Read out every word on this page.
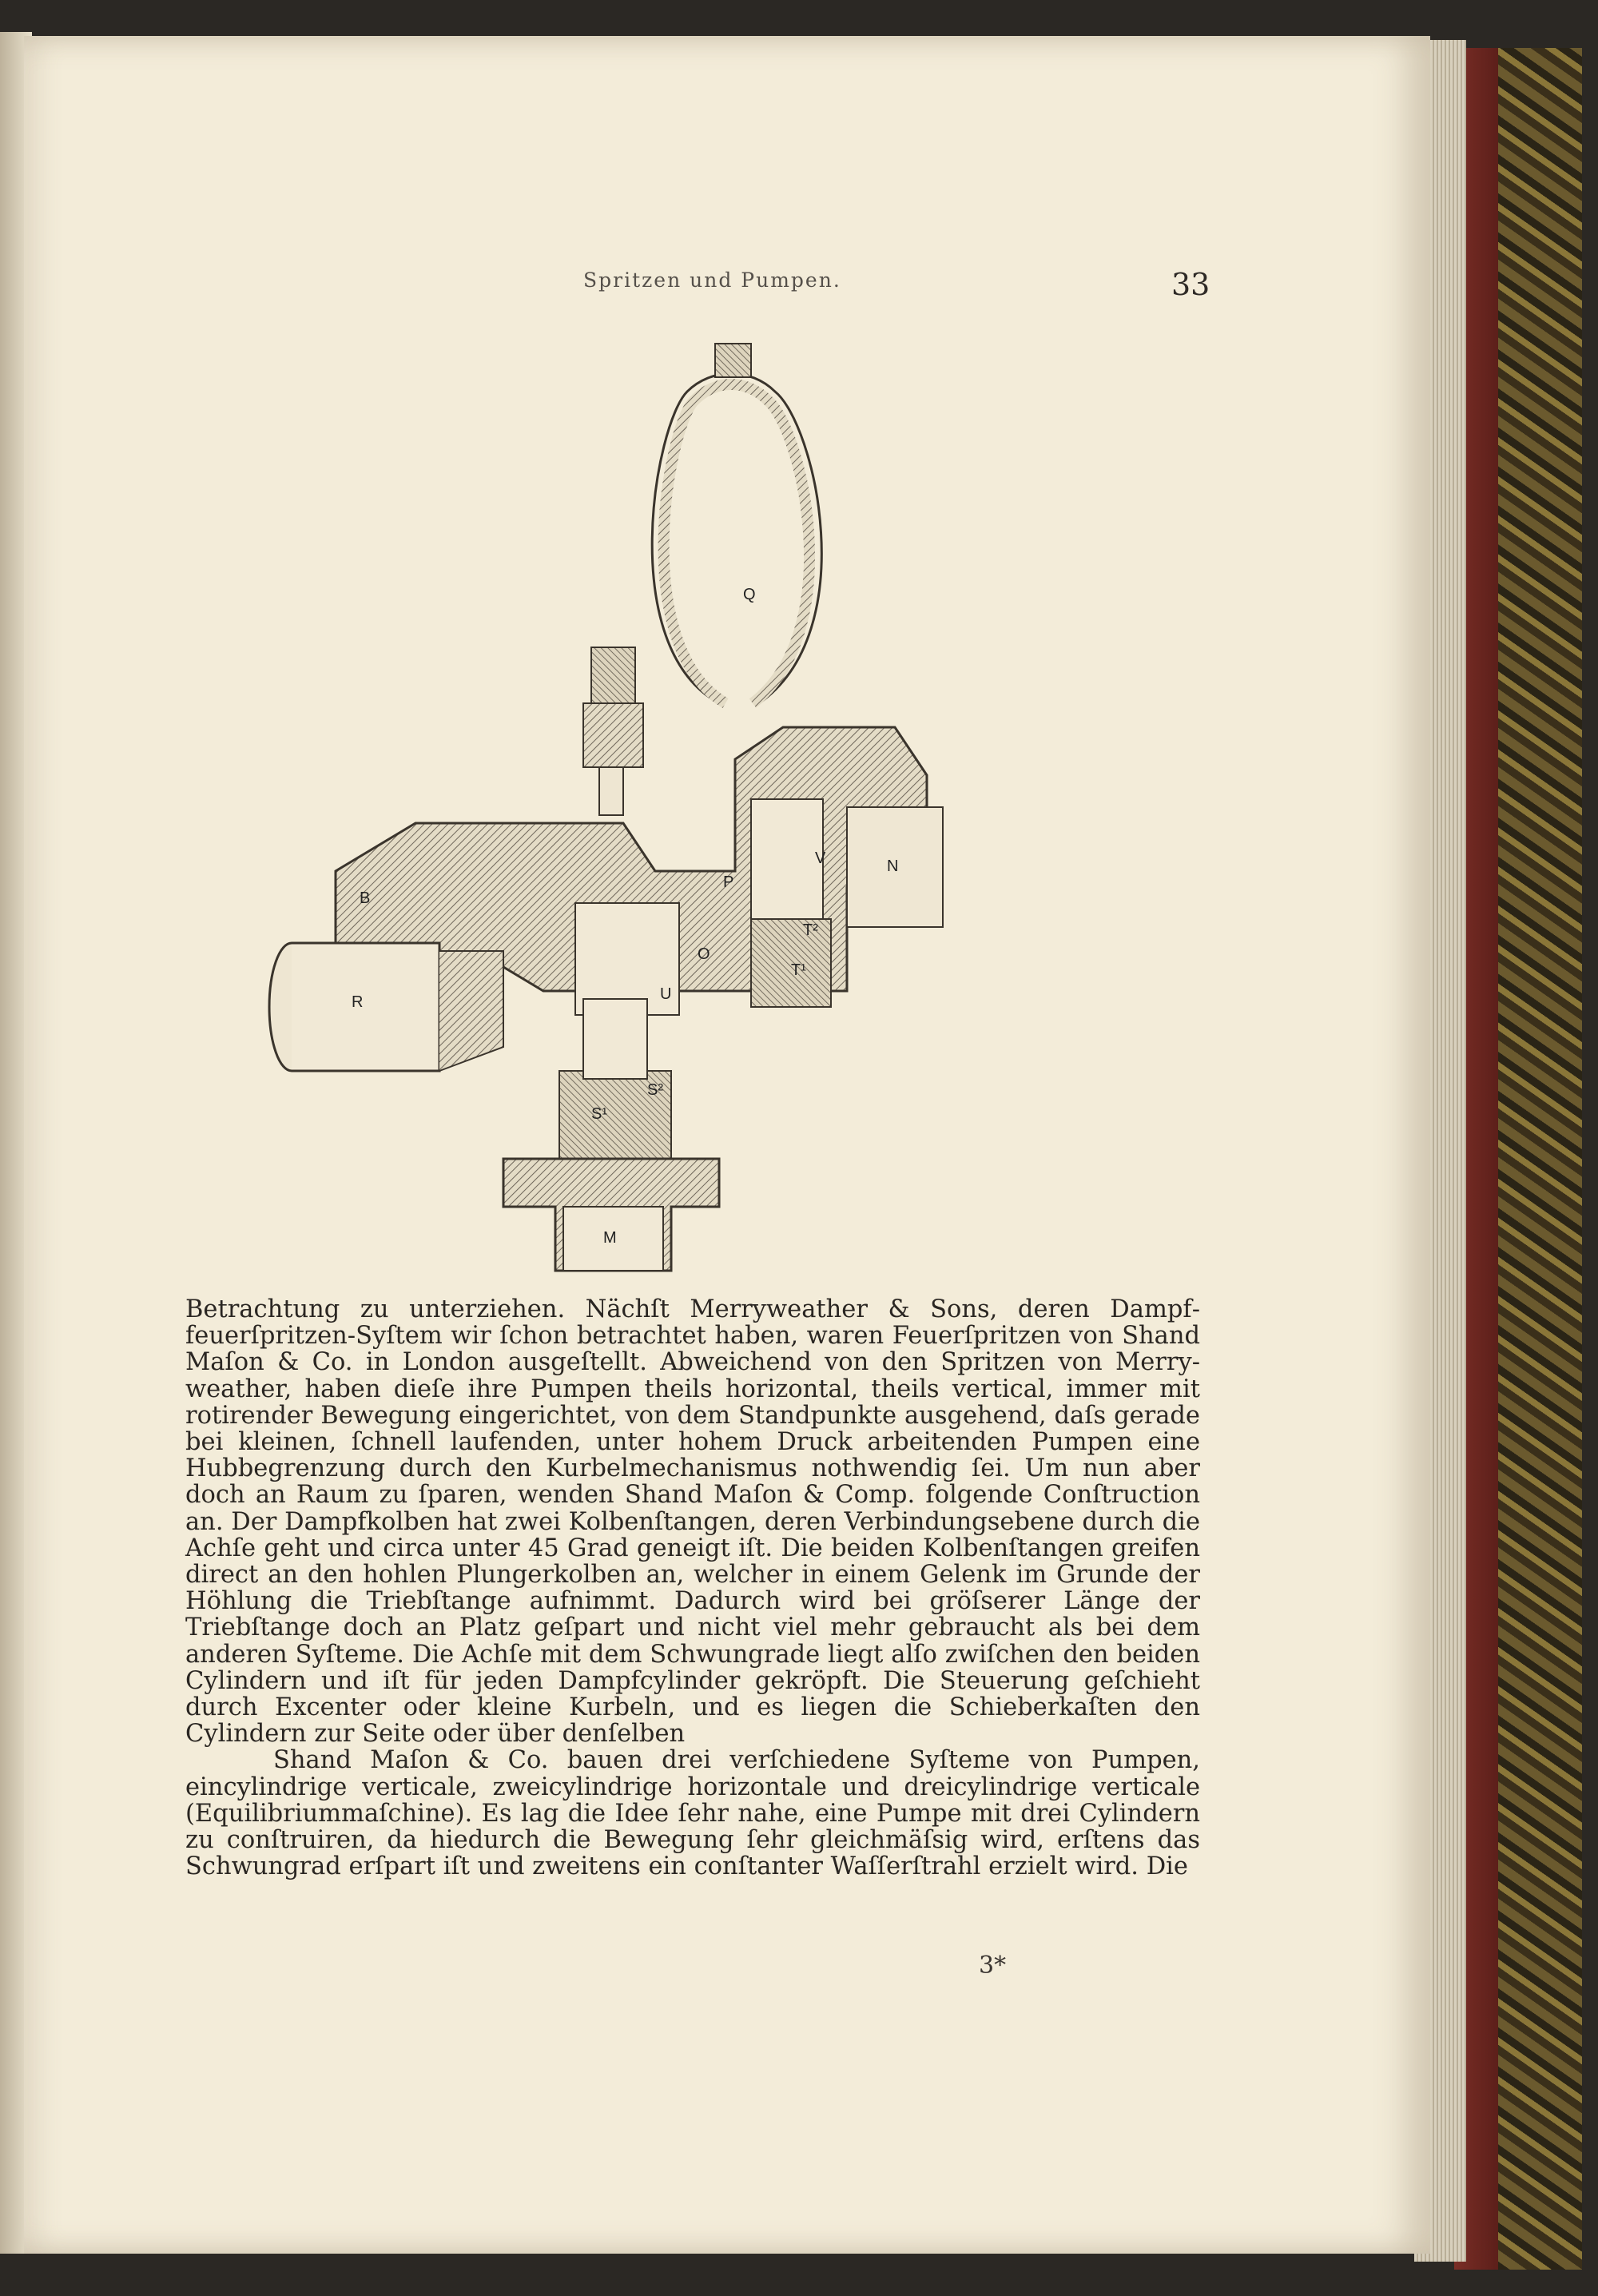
Spritzen und Pumpen.	33
Q
B
R
N
M
P
V
O
U
T²
T¹
S²
S¹

Betrachtung zu unterziehen. Nächſt Merryweather & Sons, deren Dampffeuerſpritzen-Syſtem wir ſchon betrachtet haben, waren Feuerſpritzen von Shand Maſon & Co. in London ausgeſtellt. Abweichend von den Spritzen von Merryweather, haben dieſe ihre Pumpen theils horizontal, theils vertical, immer mit rotirender Bewegung eingerichtet, von dem Standpunkte ausgehend, daſs gerade bei kleinen, ſchnell laufenden, unter hohem Druck arbeitenden Pumpen eine Hubbegrenzung durch den Kurbelmechanismus nothwendig ſei. Um nun aber doch an Raum zu ſparen, wenden Shand Maſon & Comp. folgende Conſtruction an. Der Dampfkolben hat zwei Kolbenſtangen, deren Verbindungsebene durch die Achſe geht und circa unter 45 Grad geneigt iſt. Die beiden Kolbenſtangen greifen direct an den hohlen Plungerkolben an, welcher in einem Gelenk im Grunde der Höhlung die Triebſtange aufnimmt. Dadurch wird bei gröſserer Länge der Triebſtange doch an Platz geſpart und nicht viel mehr gebraucht als bei dem anderen Syſteme. Die Achſe mit dem Schwungrade liegt alſo zwiſchen den beiden Cylindern und iſt für jeden Dampfcylinder gekröpft. Die Steuerung geſchieht durch Excenter oder kleine Kurbeln, und es liegen die Schieberkaſten den Cylindern zur Seite oder über denſelben

Shand Maſon & Co. bauen drei verſchiedene Syſteme von Pumpen, eincylindrige verticale, zweicylindrige horizontale und dreicylindrige verticale (Equilibriummaſchine). Es lag die Idee ſehr nahe, eine Pumpe mit drei Cylindern zu conſtruiren, da hiedurch die Bewegung ſehr gleichmäſsig wird, erſtens das Schwungrad erſpart iſt und zweitens ein conſtanter Waſſerſtrahl erzielt wird. Die

3*
